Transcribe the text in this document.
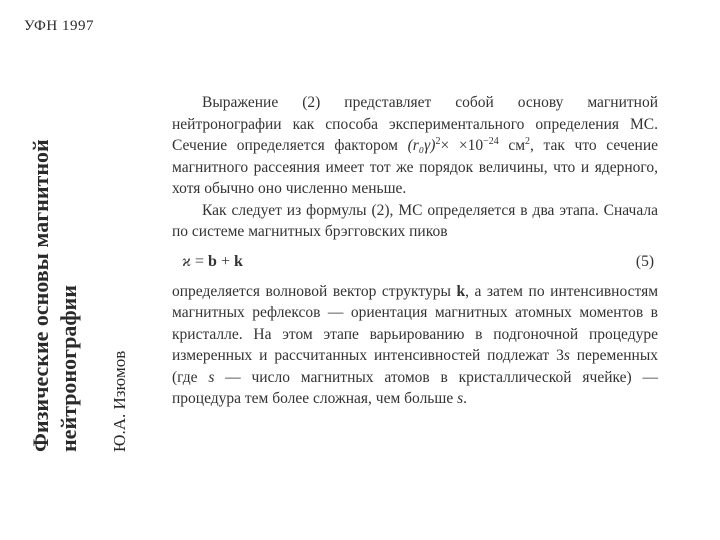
УФН 1997
Физические основы магнитной нейтронографии Ю.А. Изюмов

Выражение (2) представляет собой основу магнитной нейтронографии как способа экспериментального определения МС. Сечение определяется фактором $(r_0\gamma)^2\times \times 10^{-24}$ $см^2$, так что сечение магнитного рассеяния имеет тот же порядок величины, что и ядерного, хотя обычно оно численно меньше.

Как следует из формулы (2), МС определяется в два этапа. Сначала по системе магнитных брэгговских пиков

ϰ = b + k	(5)

определяется волновой вектор структуры k, а затем по интенсивностям магнитных рефлексов — ориентация магнитных атомных моментов в кристалле. На этом этапе варьированию в подгоночной процедуре измеренных и рассчитанных интенсивностей подлежат 3s переменных (где s — число магнитных атомов в кристаллической ячейке) — процедура тем более сложная, чем больше s.
